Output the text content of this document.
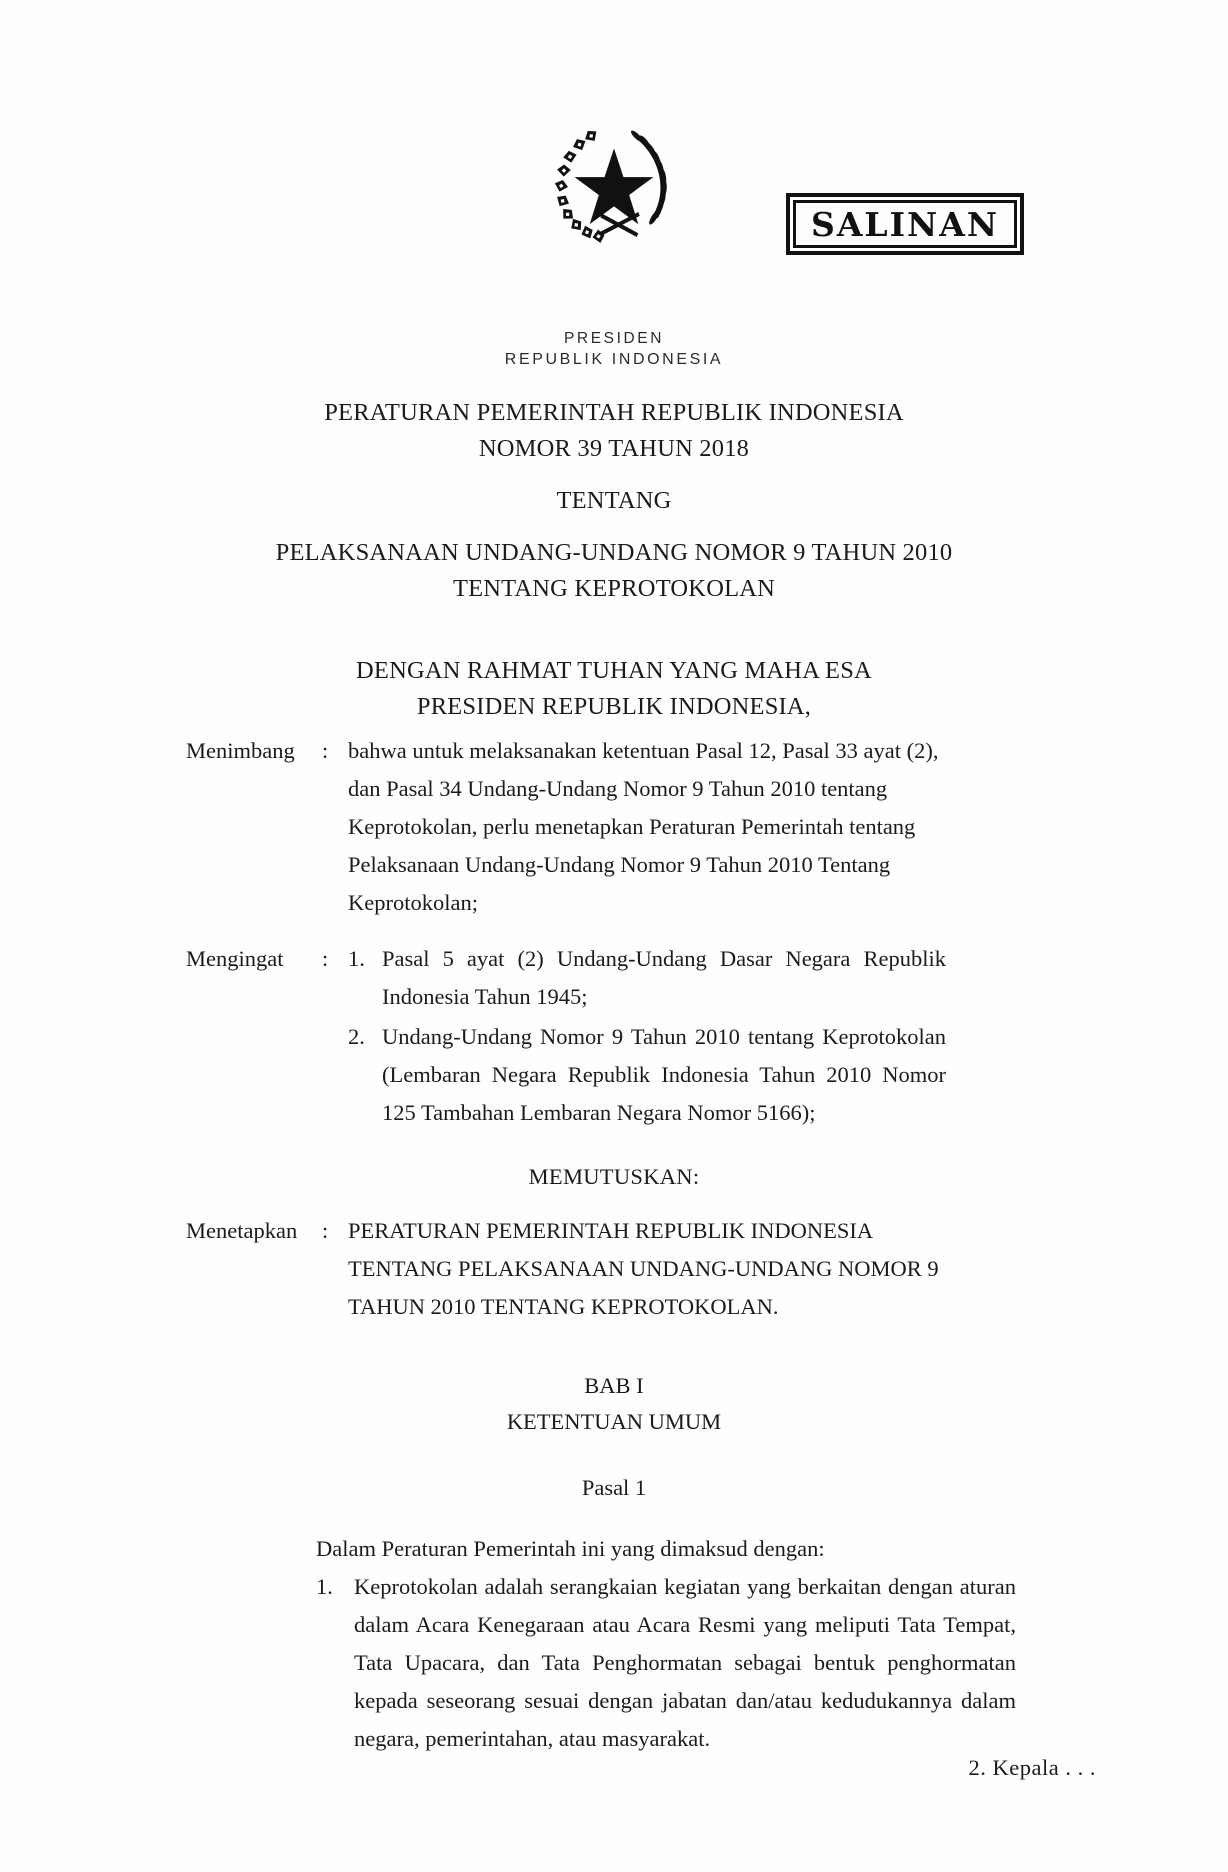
SALINAN
PRESIDEN
REPUBLIK INDONESIA
PERATURAN PEMERINTAH REPUBLIK INDONESIA
NOMOR 39 TAHUN 2018
TENTANG
PELAKSANAAN UNDANG-UNDANG NOMOR 9 TAHUN 2010
TENTANG KEPROTOKOLAN
DENGAN RAHMAT TUHAN YANG MAHA ESA
PRESIDEN REPUBLIK INDONESIA,
Menimbang	: bahwa untuk melaksanakan ketentuan Pasal 12, Pasal 33 ayat (2), dan Pasal 34 Undang-Undang Nomor 9 Tahun 2010 tentang Keprotokolan, perlu menetapkan Peraturan Pemerintah tentang Pelaksanaan Undang-Undang Nomor 9 Tahun 2010 Tentang Keprotokolan;

Mengingat	: 1. Pasal 5 ayat (2) Undang-Undang Dasar Negara Republik Indonesia Tahun 1945;
2. Undang-Undang Nomor 9 Tahun 2010 tentang Keprotokolan (Lembaran Negara Republik Indonesia Tahun 2010 Nomor 125 Tambahan Lembaran Negara Nomor 5166);
MEMUTUSKAN:
Menetapkan	: PERATURAN PEMERINTAH REPUBLIK INDONESIA TENTANG PELAKSANAAN UNDANG-UNDANG NOMOR 9 TAHUN 2010 TENTANG KEPROTOKOLAN.

BAB I
KETENTUAN UMUM
Pasal 1

Dalam Peraturan Pemerintah ini yang dimaksud dengan:

1. Keprotokolan adalah serangkaian kegiatan yang berkaitan dengan aturan dalam Acara Kenegaraan atau Acara Resmi yang meliputi Tata Tempat, Tata Upacara, dan Tata Penghormatan sebagai bentuk penghormatan kepada seseorang sesuai dengan jabatan dan/atau kedudukannya dalam negara, pemerintahan, atau masyarakat.
2. Kepala . . .
